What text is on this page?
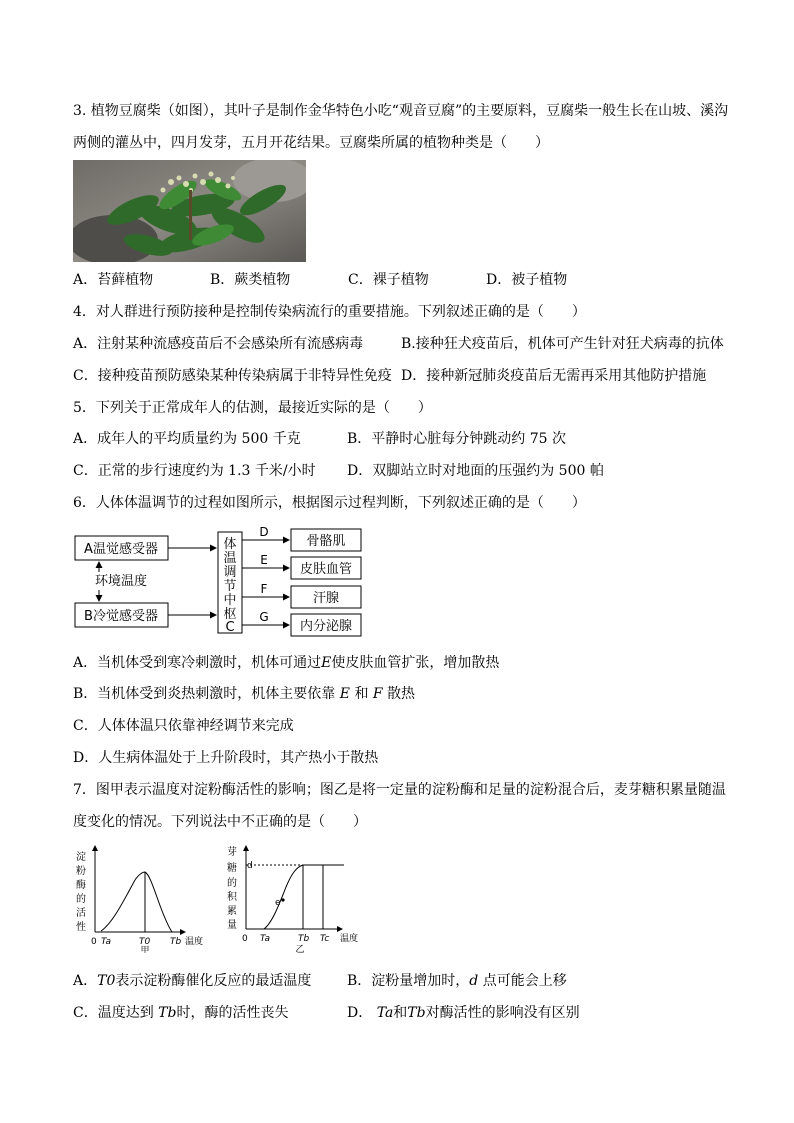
3. 植物豆腐柴（如图），其叶子是制作金华特色小吃“观音豆腐”的主要原料，豆腐柴一般生长在山坡、溪沟
两侧的灌丛中，四月发芽，五月开花结果。豆腐柴所属的植物种类是（　　）
A．苔藓植物	B．蕨类植物	C．裸子植物	D．被子植物
4．对人群进行预防接种是控制传染病流行的重要措施。下列叙述正确的是（　　）
A．注射某种流感疫苗后不会感染所有流感病毒	B.接种狂犬疫苗后，机体可产生针对狂犬病毒的抗体
C．接种疫苗预防感染某种传染病属于非特异性免疫 D．接种新冠肺炎疫苗后无需再采用其他防护措施
5．下列关于正常成年人的估测，最接近实际的是（　　）
A．成年人的平均质量约为 500 千克	B．平静时心脏每分钟跳动约 75 次
C．正常的步行速度约为 1.3 千米/小时 D．双脚站立时对地面的压强约为 500 帕
6．人体体温调节的过程如图所示，根据图示过程判断，下列叙述正确的是（　　）
A温觉感受器
B冷觉感受器
环境温度
体
温
调
节
中
枢
C
D
E
F
G
骨骼肌
皮肤血管
汗腺
内分泌腺
A．当机体受到寒冷刺激时，机体可通过E使皮肤血管扩张，增加散热
B．当机体受到炎热刺激时，机体主要依靠 E 和 F 散热
C．人体体温只依靠神经调节来完成
D．人生病体温处于上升阶段时，其产热小于散热
7．图甲表示温度对淀粉酶活性的影响；图乙是将一定量的淀粉酶和足量的淀粉混合后，麦芽糖积累量随温
度变化的情况。下列说法中不正确的是（　　）
淀
粉
酶
的
活
性
0 Ta	T0 Tb 温度
甲
芽
糖
的
积
累
量
d
e
0 Ta	Tb Tc 温度
乙
A．T0表示淀粉酶催化反应的最适温度	B．淀粉量增加时，d 点可能会上移
C．温度达到 Tb时，酶的活性丧失	D． Ta和Tb对酶活性的影响没有区别
